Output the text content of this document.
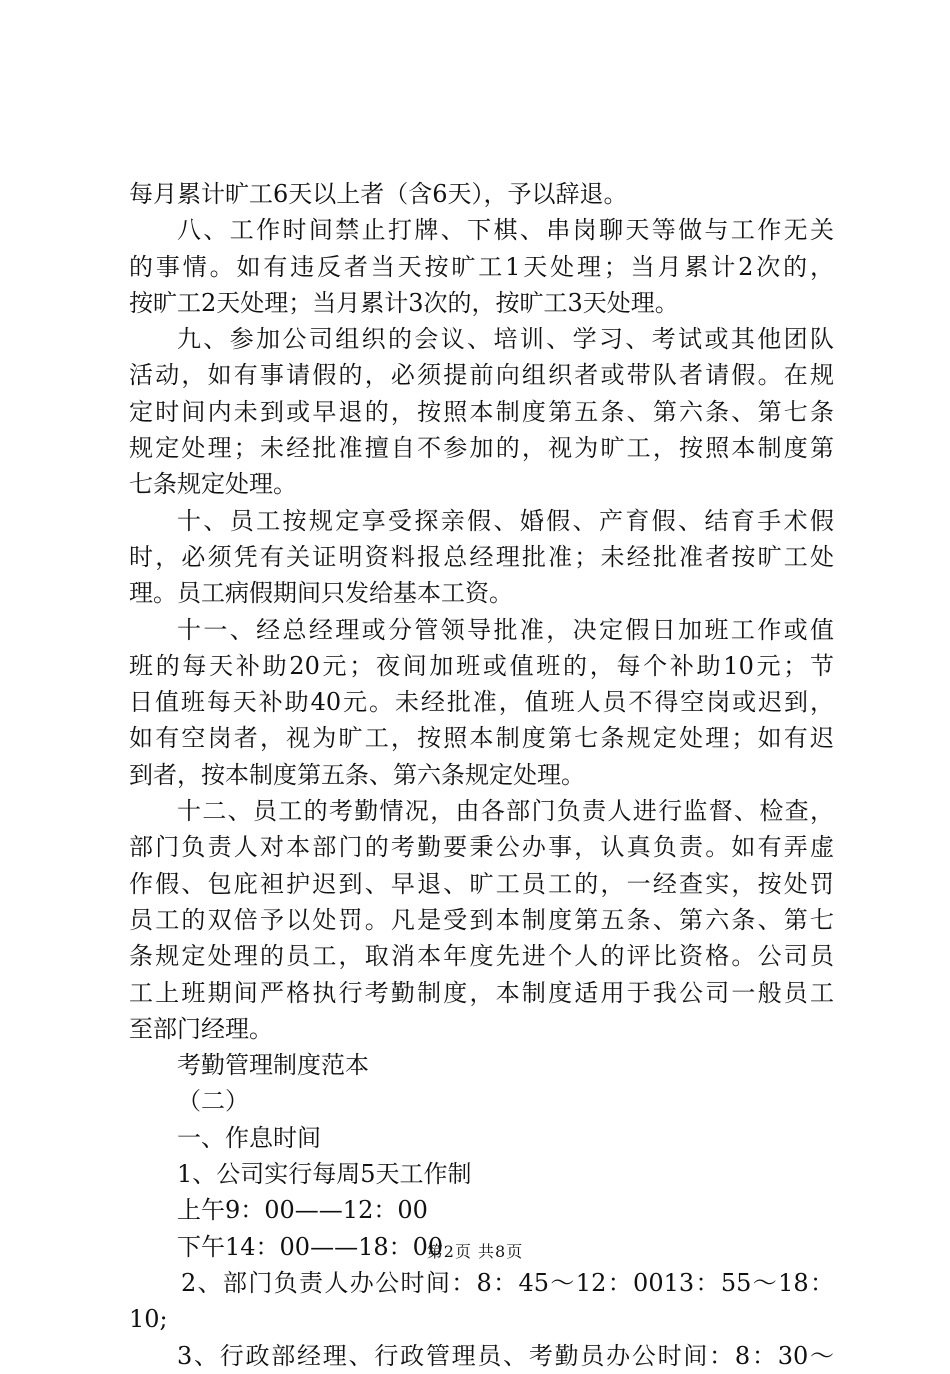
每月累计旷工6天以上者（含6天），予以辞退。
八、工作时间禁止打牌、下棋、串岗聊天等做与工作无关
的事情。如有违反者当天按旷工1天处理；当月累计2次的，
按旷工2天处理；当月累计3次的，按旷工3天处理。
九、参加公司组织的会议、培训、学习、考试或其他团队
活动，如有事请假的，必须提前向组织者或带队者请假。在规
定时间内未到或早退的，按照本制度第五条、第六条、第七条
规定处理；未经批准擅自不参加的，视为旷工，按照本制度第
七条规定处理。
十、员工按规定享受探亲假、婚假、产育假、结育手术假
时，必须凭有关证明资料报总经理批准；未经批准者按旷工处
理。员工病假期间只发给基本工资。
十一、经总经理或分管领导批准，决定假日加班工作或值
班的每天补助20元；夜间加班或值班的，每个补助10元；节
日值班每天补助40元。未经批准，值班人员不得空岗或迟到，
如有空岗者，视为旷工，按照本制度第七条规定处理；如有迟
到者，按本制度第五条、第六条规定处理。
十二、员工的考勤情况，由各部门负责人进行监督、检查，
部门负责人对本部门的考勤要秉公办事，认真负责。如有弄虚
作假、包庇袒护迟到、早退、旷工员工的，一经查实，按处罚
员工的双倍予以处罚。凡是受到本制度第五条、第六条、第七
条规定处理的员工，取消本年度先进个人的评比资格。公司员
工上班期间严格执行考勤制度，本制度适用于我公司一般员工
至部门经理。
考勤管理制度范本
（二）
一、作息时间
1、公司实行每周5天工作制
上午9：00——12：00
下午14：00——18：00
2、部门负责人办公时间：8：45～12：0013：55～18：
10;
3、行政部经理、行政管理员、考勤员办公时间：8：30～
第2页 共8页
